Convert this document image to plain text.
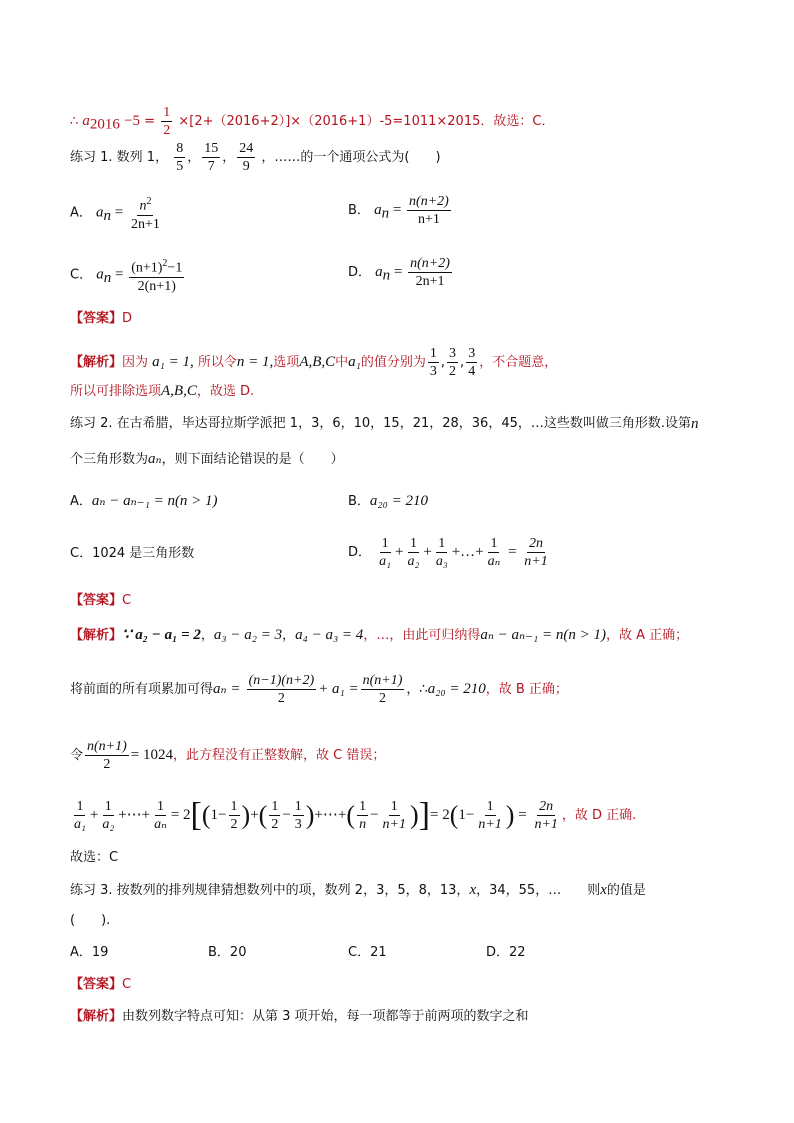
∴ $a_{2016} -5 = \frac{1}{2} \times[2+(2016+2)]\times(2016+1)-5=1011\times 2015$．故选：C．
练习 1. 数列 1， $\frac{8}{5}$ ， $\frac{15}{7}$ ， $\frac{24}{9}$ ，……的一个通项公式为(　　)
A． $a_n = \frac{n^2}{2n+1}$	B． $a_n = \frac{n(n+2)}{n+1}$
C． $a_n = \frac{(n+1)^2-1}{2(n+1)}$	D． $a_n = \frac{n(n+2)}{2n+1}$
【答案】D
【解析】因为 a₁ = 1, 所以令n = 1,选项A,B,C中a₁的值分别为 $\frac{1}{3}$ , $\frac{3}{2}$ , $\frac{3}{4}$ ，不合题意，
所以可排除选项A,B,C，故选 D.
练习 2. 在古希腊，毕达哥拉斯学派把 1，3，6，10，15，21，28，36，45，…这些数叫做三角形数.设第n
个三角形数为aₙ，则下面结论错误的是（　　）
A．aₙ − aₙ₋₁ = n(n > 1)	B．a₂₀ = 210
C．1024 是三角形数	D． $\frac{1}{\text{a₁}} + \frac{1}{\text{a₂}} + \frac{1}{\text{a₃}}$ +…+ $\frac{1}{\text{aₙ}} = \frac{2n}{n+1}$
【答案】C
【解析】∵ a₂ − a₁ = 2，a₃ − a₂ = 3，a₄ − a₃ = 4，…，由此可归纳得aₙ − aₙ₋₁ = n(n > 1)，故 A 正确；
将前面的所有项累加可得$a_n = \frac{(n-1)(n+2)}{2} + a_1 = \frac{n(n+1)}{2}$ ，∴a₂₀ = 210，故 B 正确；
令 $\frac{n(n+1)}{2} = 1024$，此方程没有正整数解，故 C 错误；
$\frac{1}{\text{a₁}} + \frac{1}{\text{a₂}}$ +⋯+ $\frac{1}{\text{aₙ}} = 2[(1- \frac{1}{2}$ )+( $\frac{1}{2} - \frac{1}{3}$ )+⋯+( $\frac{1}{n} - \frac{1}{n+1}$ )]= $2(1- \frac{1}{n+1}$ ) = $\frac{2n}{n+1}$ ，故 D 正确.
故选：C
练习 3. 按数列的排列规律猜想数列中的项，数列 2，3，5，8，13，x，34，55，…　　则x的值是
(　　).
A．19	B．20	C．21	D．22
【答案】C
【解析】由数列数字特点可知：从第 3 项开始，每一项都等于前两项的数字之和
